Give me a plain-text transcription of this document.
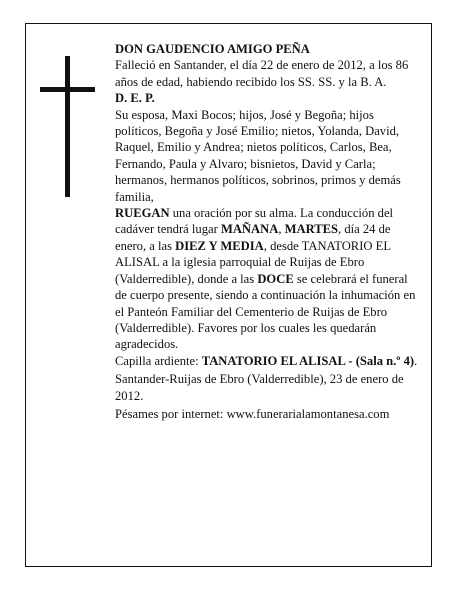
DON GAUDENCIO AMIGO PEÑA

Falleció en Santander, el día 22 de enero de 2012, a los 86 años de edad, habiendo recibido los SS. SS. y la B. A.

D. E. P.

Su esposa, Maxi Bocos; hijos, José y Begoña; hijos políticos, Begoña y José Emilio; nietos, Yolanda, David, Raquel, Emilio y Andrea; nietos políticos, Carlos, Bea, Fernando, Paula y Alvaro; bisnietos, David y Carla; hermanos, hermanos políticos, sobrinos, primos y demás familia,

RUEGAN una oración por su alma. La conducción del cadáver tendrá lugar MAÑANA, MARTES, día 24 de enero, a las DIEZ Y MEDIA, desde TANATORIO EL ALISAL a la iglesia parroquial de Ruijas de Ebro (Valderredible), donde a las DOCE se celebrará el funeral de cuerpo presente, siendo a continuación la inhumación en el Panteón Familiar del Cementerio de Ruijas de Ebro (Valderredible). Favores por los cuales les quedarán agradecidos.

Capilla ardiente: TANATORIO EL ALISAL - (Sala n.º 4).

Santander-Ruijas de Ebro (Valderredible), 23 de enero de 2012.

Pésames por internet: www.funerarialamontanesa.com
